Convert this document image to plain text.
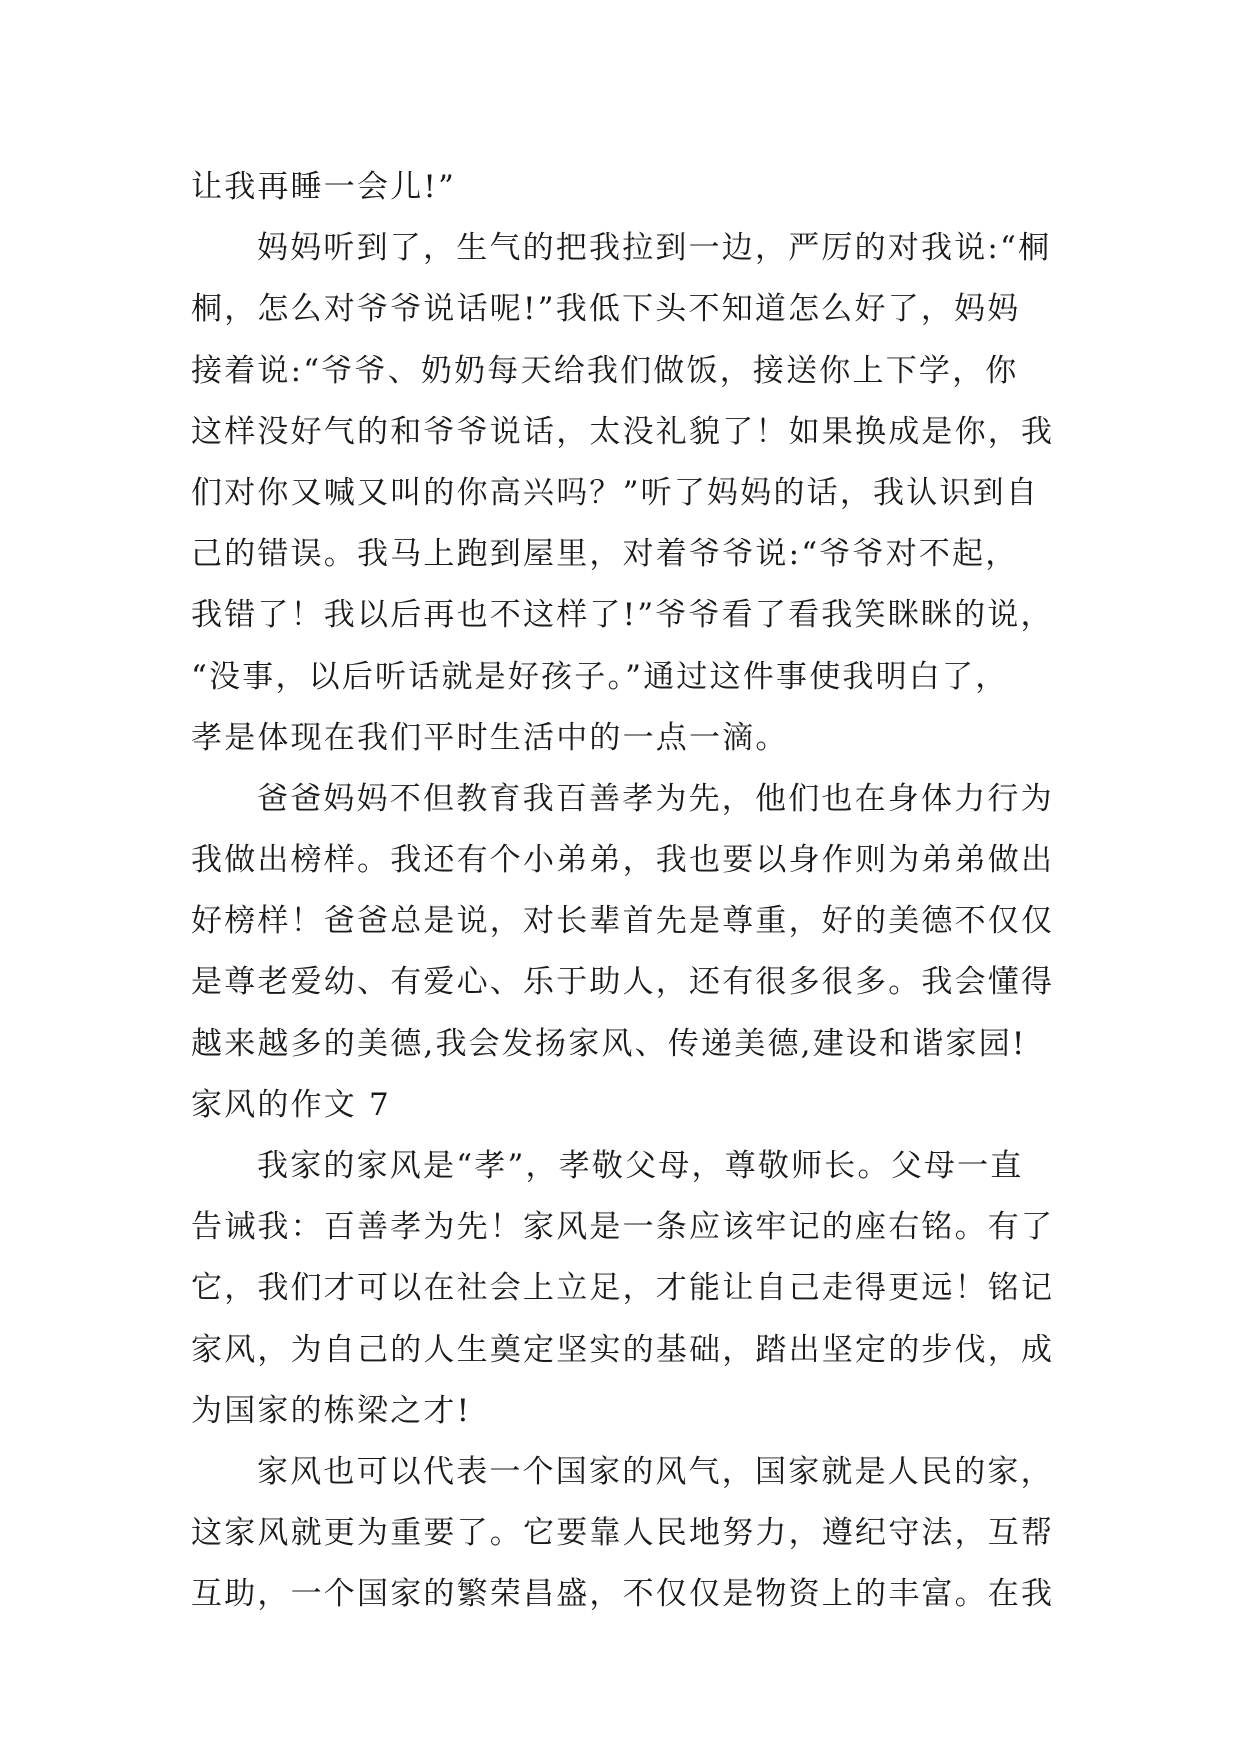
让我再睡一会儿!”
妈妈听到了，生气的把我拉到一边，严厉的对我说:“桐
桐，怎么对爷爷说话呢!”我低下头不知道怎么好了，妈妈
接着说:“爷爷、奶奶每天给我们做饭，接送你上下学，你
这样没好气的和爷爷说话，太没礼貌了！如果换成是你，我
们对你又喊又叫的你高兴吗？”听了妈妈的话，我认识到自
己的错误。我马上跑到屋里，对着爷爷说:“爷爷对不起，
我错了！我以后再也不这样了!”爷爷看了看我笑眯眯的说，
“没事，以后听话就是好孩子。”通过这件事使我明白了，
孝是体现在我们平时生活中的一点一滴。
爸爸妈妈不但教育我百善孝为先，他们也在身体力行为
我做出榜样。我还有个小弟弟，我也要以身作则为弟弟做出
好榜样！爸爸总是说，对长辈首先是尊重，好的美德不仅仅
是尊老爱幼、有爱心、乐于助人，还有很多很多。我会懂得
越来越多的美德,我会发扬家风、传递美德,建设和谐家园!
家风的作文 7
我家的家风是“孝”，孝敬父母，尊敬师长。父母一直
告诫我：百善孝为先！家风是一条应该牢记的座右铭。有了
它，我们才可以在社会上立足，才能让自己走得更远！铭记
家风，为自己的人生奠定坚实的基础，踏出坚定的步伐，成
为国家的栋梁之才!
家风也可以代表一个国家的风气，国家就是人民的家，
这家风就更为重要了。它要靠人民地努力，遵纪守法，互帮
互助，一个国家的繁荣昌盛，不仅仅是物资上的丰富。在我
